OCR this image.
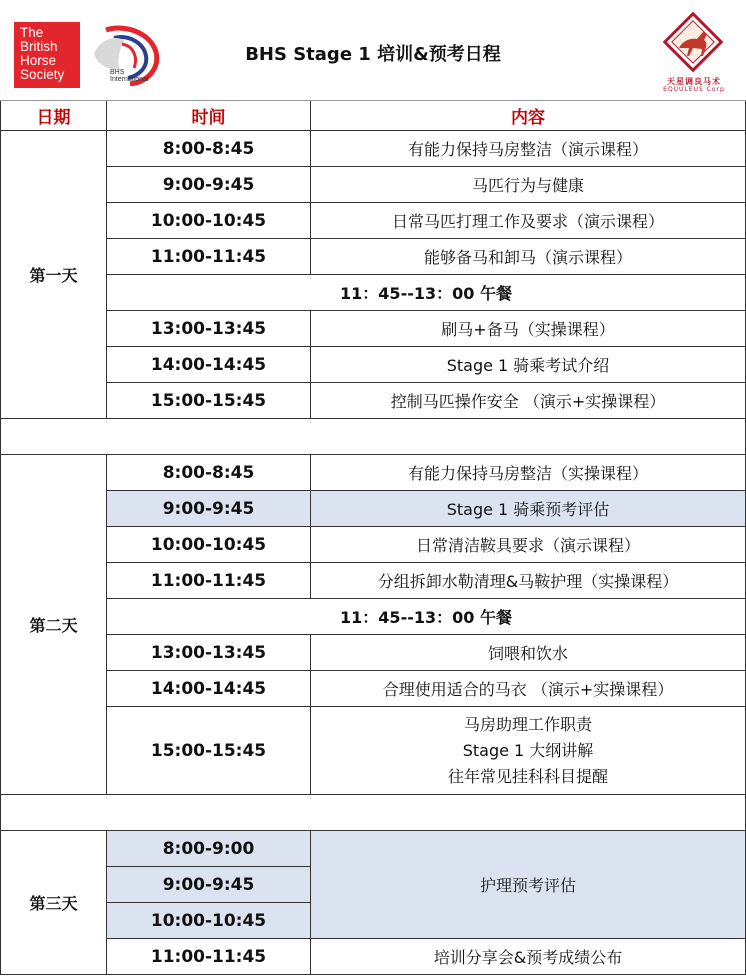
The
British
Horse
Society	BHS
International
BHS Stage 1 培训&预考日程
天星调良马术
EQUULEUS Corp
日期	时间	内容
第一天	8:00-8:45	有能力保持马房整洁（演示课程）
	9:00-9:45	马匹行为与健康
	10:00-10:45	日常马匹打理工作及要求（演示课程）
	11:00-11:45	能够备马和卸马（演示课程）
	11：45--13：00 午餐	
	13:00-13:45	刷马+备马（实操课程）
	14:00-14:45	Stage 1 骑乘考试介绍
	15:00-15:45	控制马匹操作安全 （演示+实操课程）

第二天	8:00-8:45	有能力保持马房整洁（实操课程）
	9:00-9:45	Stage 1 骑乘预考评估
	10:00-10:45	日常清洁鞍具要求（演示课程）
	11:00-11:45	分组拆卸水勒清理&马鞍护理（实操课程）
	11：45--13：00 午餐	
	13:00-13:45	饲喂和饮水
	14:00-14:45	合理使用适合的马衣 （演示+实操课程）
	15:00-15:45	马房助理工作职责
Stage 1 大纲讲解
往年常见挂科科目提醒

第三天	8:00-9:00	护理预考评估
	9:00-9:45	
	10:00-10:45	
	11:00-11:45	培训分享会&预考成绩公布
